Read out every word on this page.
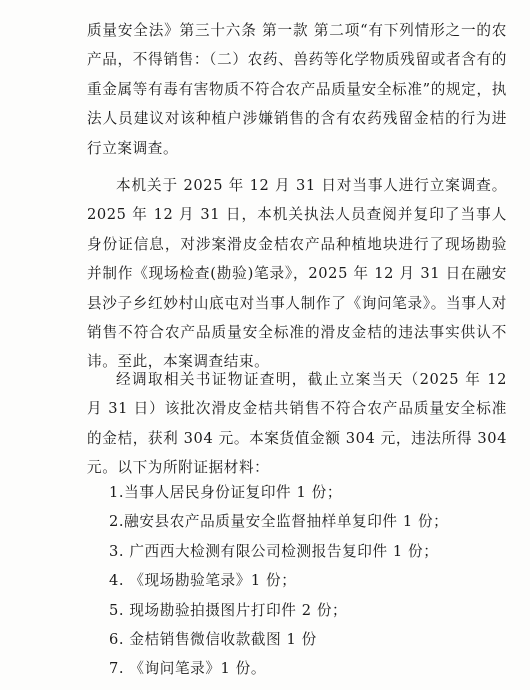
质量安全法》第三十六条 第一款 第二项“有下列情形之一的农产品，不得销售：（二）农药、兽药等化学物质残留或者含有的重金属等有毒有害物质不符合农产品质量安全标准”的规定，执法人员建议对该种植户涉嫌销售的含有农药残留金桔的行为进行立案调查。

本机关于 2025 年 12 月 31 日对当事人进行立案调查。2025 年 12 月 31 日，本机关执法人员查阅并复印了当事人身份证信息，对涉案滑皮金桔农产品种植地块进行了现场勘验并制作《现场检查(勘验)笔录》，2025 年 12 月 31 日在融安县沙子乡红妙村山底屯对当事人制作了《询问笔录》。当事人对销售不符合农产品质量安全标准的滑皮金桔的违法事实供认不讳。至此，本案调查结束。

经调取相关书证物证查明，截止立案当天（2025 年 12 月 31 日）该批次滑皮金桔共销售不符合农产品质量安全标准的金桔，获利 304 元。本案货值金额 304 元，违法所得 304 元。以下为所附证据材料：

1.当事人居民身份证复印件 1 份；
2.融安县农产品质量安全监督抽样单复印件 1 份；
3. 广西西大检测有限公司检测报告复印件 1 份；
4. 《现场勘验笔录》1 份；
5. 现场勘验拍摄图片打印件 2 份；
6. 金桔销售微信收款截图 1 份
7. 《询问笔录》1 份。
